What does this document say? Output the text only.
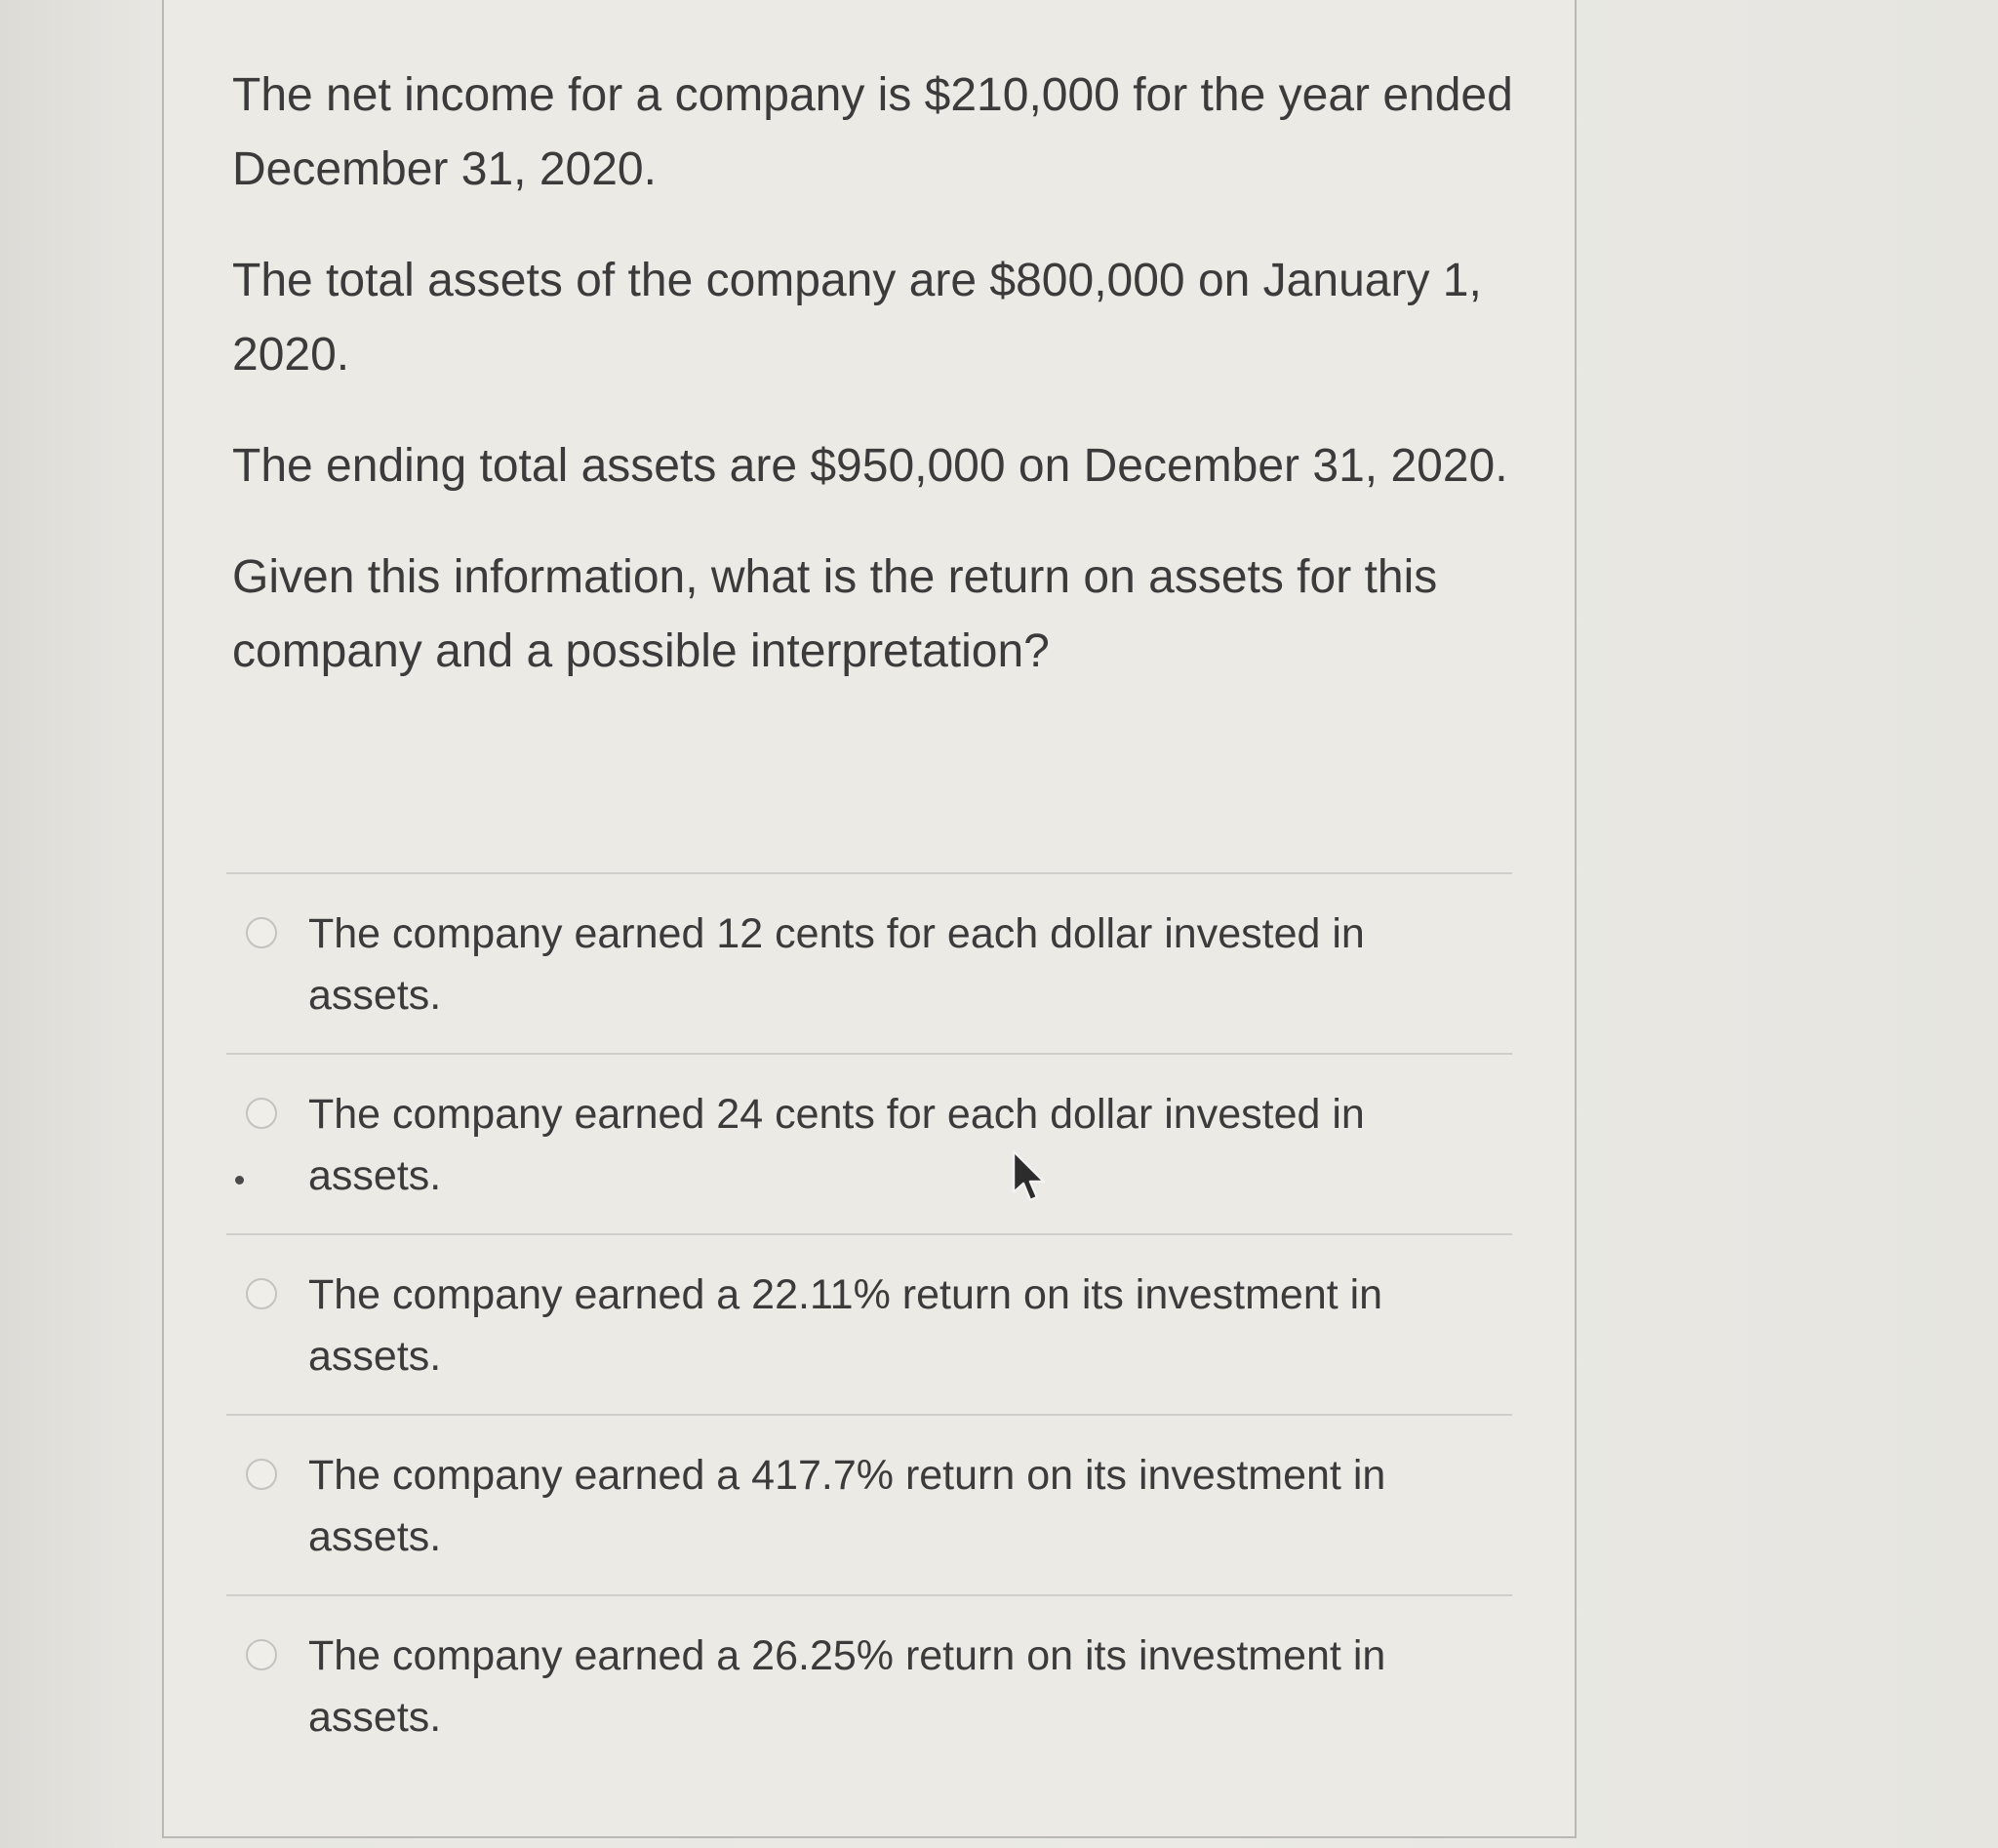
The net income for a company is $210,000 for the year ended December 31, 2020.

The total assets of the company are $800,000 on January 1, 2020.

The ending total assets are $950,000 on December 31, 2020.

Given this information, what is the return on assets for this company and a possible interpretation?

The company earned 12 cents for each dollar invested in assets.
The company earned 24 cents for each dollar invested in assets.
The company earned a 22.11% return on its investment in assets.
The company earned a 417.7% return on its investment in assets.
The company earned a 26.25% return on its investment in assets.
